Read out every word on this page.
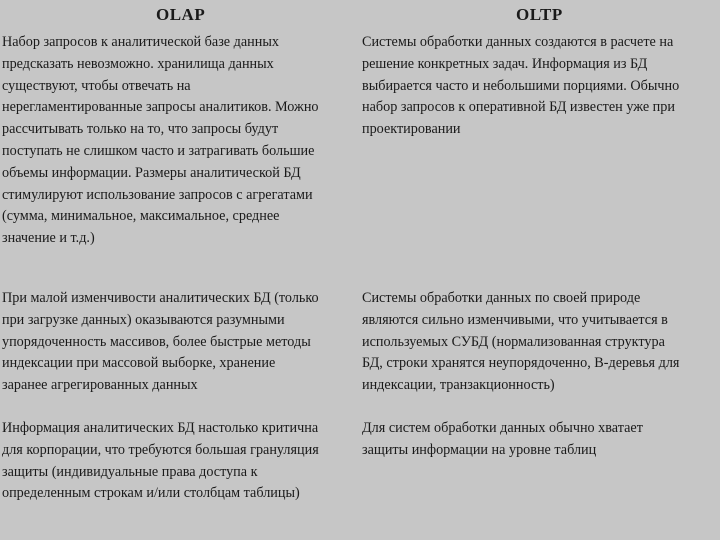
OLAP	OLTP
Набор запросов к аналитической базе данных
предсказать невозможно. хранилища данных
существуют, чтобы отвечать на
нерегламентированные запросы аналитиков. Можно
рассчитывать только на то, что запросы будут
поступать не слишком часто и затрагивать большие
объемы информации. Размеры аналитической БД
стимулируют использование запросов с агрегатами
(сумма, минимальное, максимальное, среднее
значение и т.д.)
Системы обработки данных создаются в расчете на
решение конкретных задач. Информация из БД
выбирается часто и небольшими порциями. Обычно
набор запросов к оперативной БД известен уже при
проектировании
При малой изменчивости аналитических БД (только
при загрузке данных) оказываются разумными
упорядоченность массивов, более быстрые методы
индексации при массовой выборке, хранение
заранее агрегированных данных
Системы обработки данных по своей природе
являются сильно изменчивыми, что учитывается в
используемых СУБД (нормализованная структура
БД, строки хранятся неупорядоченно, В-деревья для
индексации, транзакционность)
Информация аналитических БД настолько критична
для корпорации, что требуются большая грануляция
защиты (индивидуальные права доступа к
определенным строкам и/или столбцам таблицы)
Для систем обработки данных обычно хватает
защиты информации на уровне таблиц
